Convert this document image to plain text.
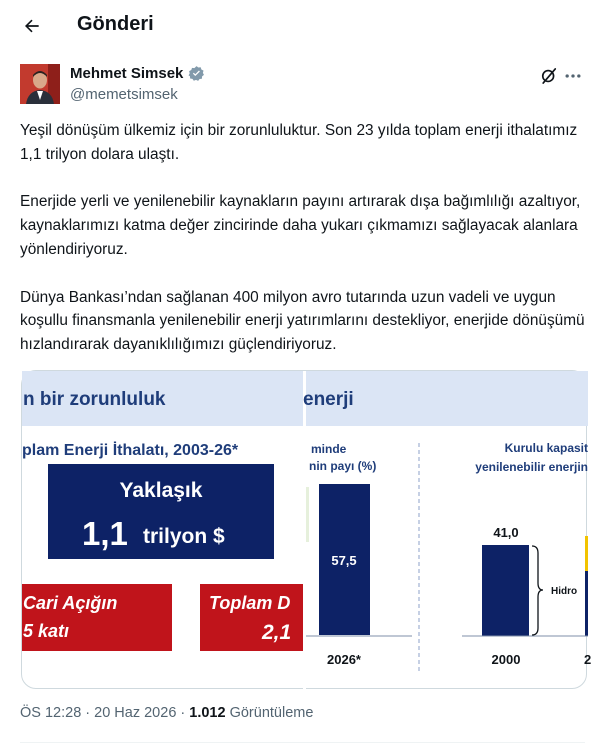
Gönderi
Mehmet Simsek
@memetsimsek

Yeşil dönüşüm ülkemiz için bir zorunluluktur. Son 23 yılda toplam enerji ithalatımız 1,1 trilyon dolara ulaştı.

Enerjide yerli ve yenilenebilir kaynakların payını artırarak dışa bağımlılığı azaltıyor, kaynaklarımızı katma değer zincirinde daha yukarı çıkmamızı sağlayacak alanlara yönlendiriyoruz.

Dünya Bankası’ndan sağlanan 400 milyon avro tutarında uzun vadeli ve uygun koşullu finansmanla yenilenebilir enerji yatırımlarını destekliyor, enerjide dönüşümü hızlandırarak dayanıklılığımızı güçlendiriyoruz.

n bir zorunluluk	enerji
plam Enerji İthalatı, 2003-26*
Yaklaşık
1,1 trilyon $
Cari Açığın
5 katı
Toplam D
2,1
minde
nin payı (%)
57,5
2026*
Kurulu kapasit
yenilenebilir enerjin
41,0
Hidro
2000	2
ÖS 12:28 · 20 Haz 2026 · 1.012 Görüntüleme
